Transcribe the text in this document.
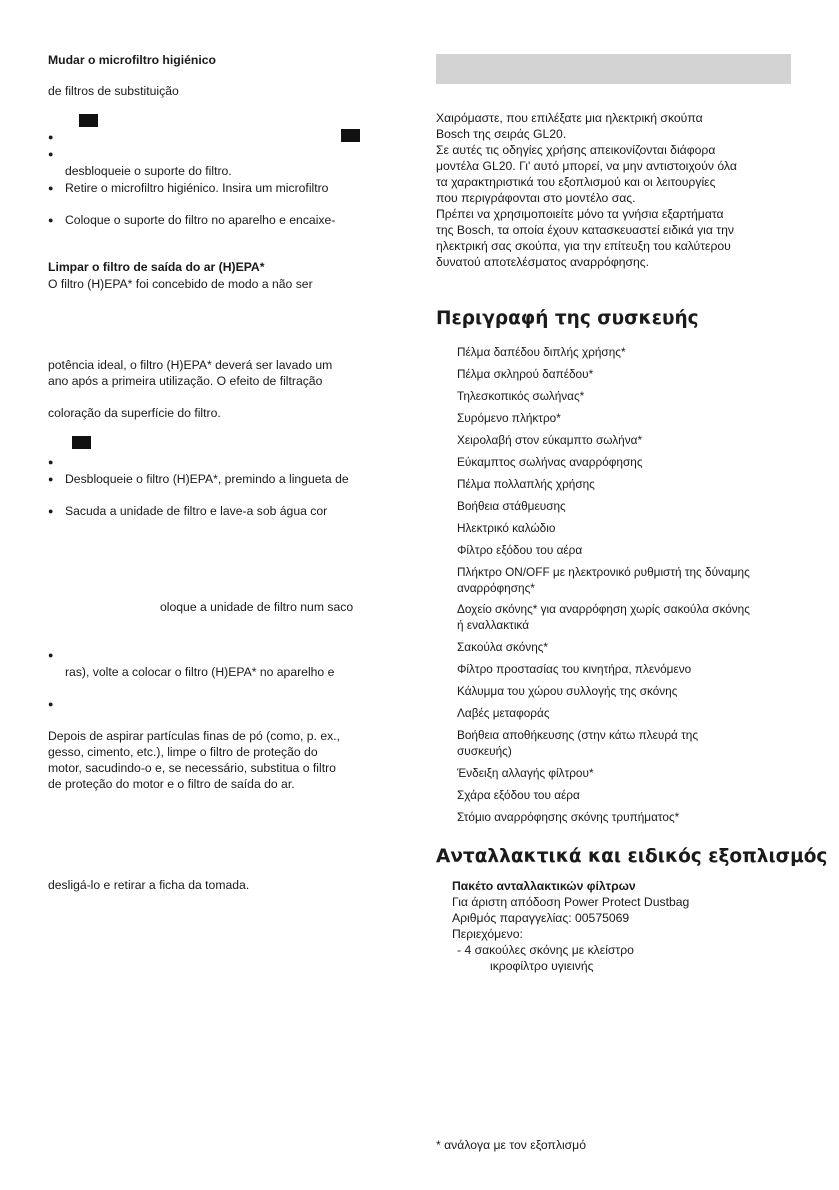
Mudar o microfiltro higiénico
de filtros de substituição
desbloqueie o suporte do filtro.
● Retire o microfiltro higiénico. Insira um microfiltro
● Coloque o suporte do filtro no aparelho e encaixe-
Limpar o filtro de saída do ar (H)EPA*
O filtro (H)EPA* foi concebido de modo a não ser
potência ideal, o filtro (H)EPA* deverá ser lavado um
ano após a primeira utilização. O efeito de filtração
coloração da superfície do filtro.
● Desbloqueie o filtro (H)EPA*, premindo a lingueta de
● Sacuda a unidade de filtro e lave-a sob água cor
oloque a unidade de filtro num saco
ras), volte a colocar o filtro (H)EPA* no aparelho e
Depois de aspirar partículas finas de pó (como, p. ex.,
gesso, cimento, etc.), limpe o filtro de proteção do
motor, sacudindo-o e, se necessário, substitua o filtro
de proteção do motor e o filtro de saída do ar.
desligá-lo e retirar a ficha da tomada.
Χαιρόμαστε, που επιλέξατε μια ηλεκτρική σκούπα
Bosch της σειράς GL20.
Σε αυτές τις οδηγίες χρήσης απεικονίζονται διάφορα
μοντέλα GL20. Γι' αυτό μπορεί, να μην αντιστοιχούν όλα
τα χαρακτηριστικά του εξοπλισμού και οι λειτουργίες
που περιγράφονται στο μοντέλο σας.
Πρέπει να χρησιμοποιείτε μόνο τα γνήσια εξαρτήματα
της Bosch, τα οποία έχουν κατασκευαστεί ειδικά για την
ηλεκτρική σας σκούπα, για την επίτευξη του καλύτερου
δυνατού αποτελέσματος αναρρόφησης.
Περιγραφή της συσκευής
Πέλμα δαπέδου διπλής χρήσης*
Πέλμα σκληρού δαπέδου*
Τηλεσκοπικός σωλήνας*
Συρόμενο πλήκτρο*
Χειρολαβή στον εύκαμπτο σωλήνα*
Εύκαμπτος σωλήνας αναρρόφησης
Πέλμα πολλαπλής χρήσης
Βοήθεια στάθμευσης
Ηλεκτρικό καλώδιο
Φίλτρο εξόδου του αέρα
Πλήκτρο ON/OFF με ηλεκτρονικό ρυθμιστή της δύναμης
αναρρόφησης*
Δοχείο σκόνης* για αναρρόφηση χωρίς σακούλα σκόνης
ή εναλλακτικά
Σακούλα σκόνης*
Φίλτρο προστασίας του κινητήρα, πλενόμενο
Κάλυμμα του χώρου συλλογής της σκόνης
Λαβές μεταφοράς
Βοήθεια αποθήκευσης (στην κάτω πλευρά της
συσκευής)
Ένδειξη αλλαγής φίλτρου*
Σχάρα εξόδου του αέρα
Στόμιο αναρρόφησης σκόνης τρυπήματος*
Ανταλλακτικά και ειδικός εξοπλισμός
Πακέτο ανταλλακτικών φίλτρων
Για άριστη απόδοση Power Protect Dustbag
Αριθμός παραγγελίας: 00575069
Περιεχόμενο:
- 4 σακούλες σκόνης με κλείστρο
ικροφίλτρο υγιεινής
* ανάλογα με τον εξοπλισμό
